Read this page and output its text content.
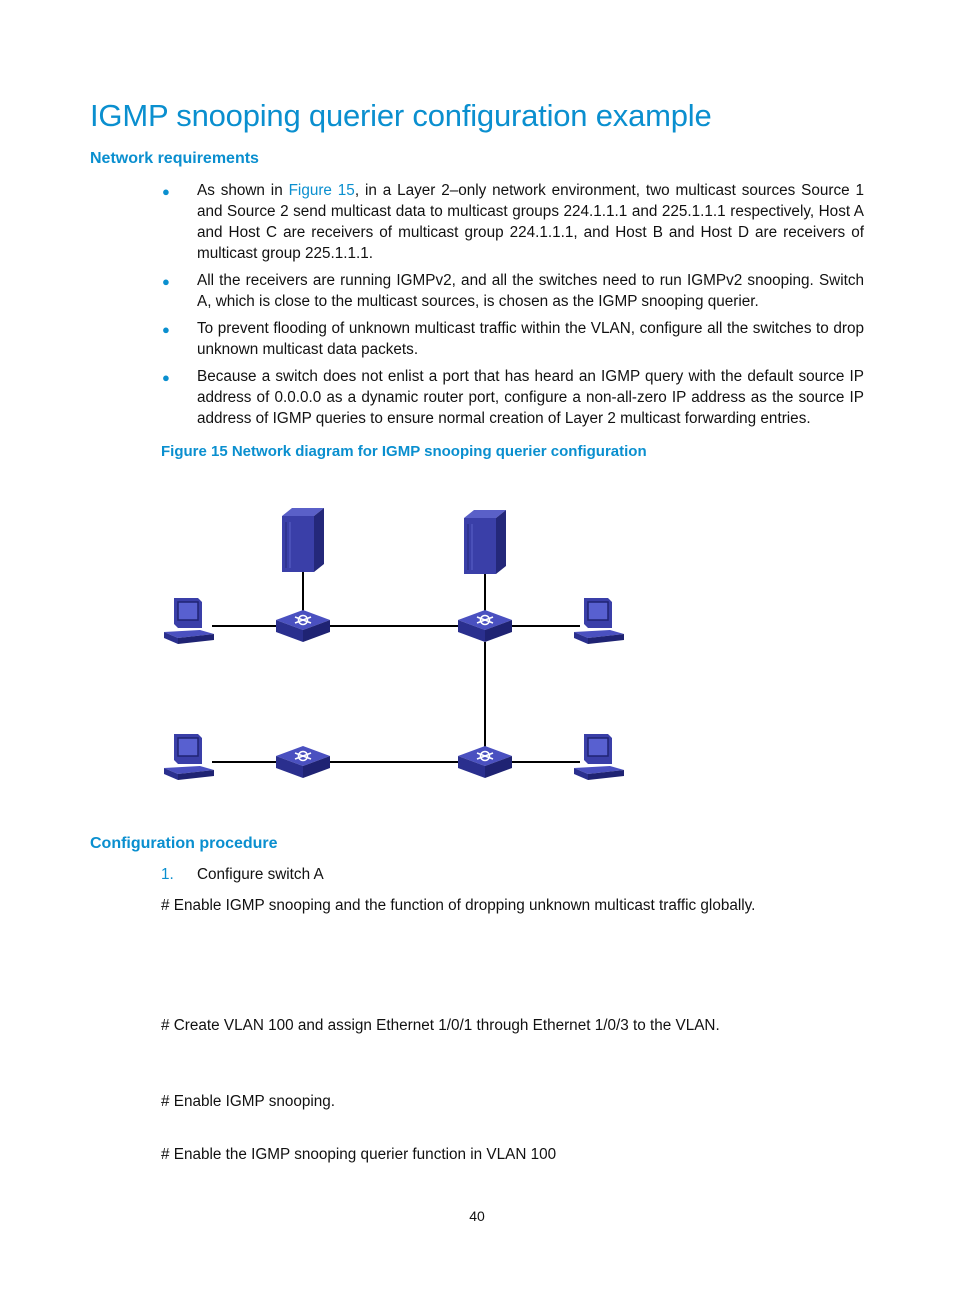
IGMP snooping querier configuration example
Network requirements
● As shown in Figure 15, in a Layer 2–only network environment, two multicast sources Source 1 and Source 2 send multicast data to multicast groups 224.1.1.1 and 225.1.1.1 respectively, Host A and Host C are receivers of multicast group 224.1.1.1, and Host B and Host D are receivers of multicast group 225.1.1.1.
● All the receivers are running IGMPv2, and all the switches need to run IGMPv2 snooping. Switch A, which is close to the multicast sources, is chosen as the IGMP snooping querier.
● To prevent flooding of unknown multicast traffic within the VLAN, configure all the switches to drop unknown multicast data packets.
● Because a switch does not enlist a port that has heard an IGMP query with the default source IP address of 0.0.0.0 as a dynamic router port, configure a non-all-zero IP address as the source IP address of IGMP queries to ensure normal creation of Layer 2 multicast forwarding entries.

Figure 15 Network diagram for IGMP snooping querier configuration

Configuration procedure
1. Configure switch A

# Enable IGMP snooping and the function of dropping unknown multicast traffic globally.

# Create VLAN 100 and assign Ethernet 1/0/1 through Ethernet 1/0/3 to the VLAN.

# Enable IGMP snooping.

# Enable the IGMP snooping querier function in VLAN 100

40
